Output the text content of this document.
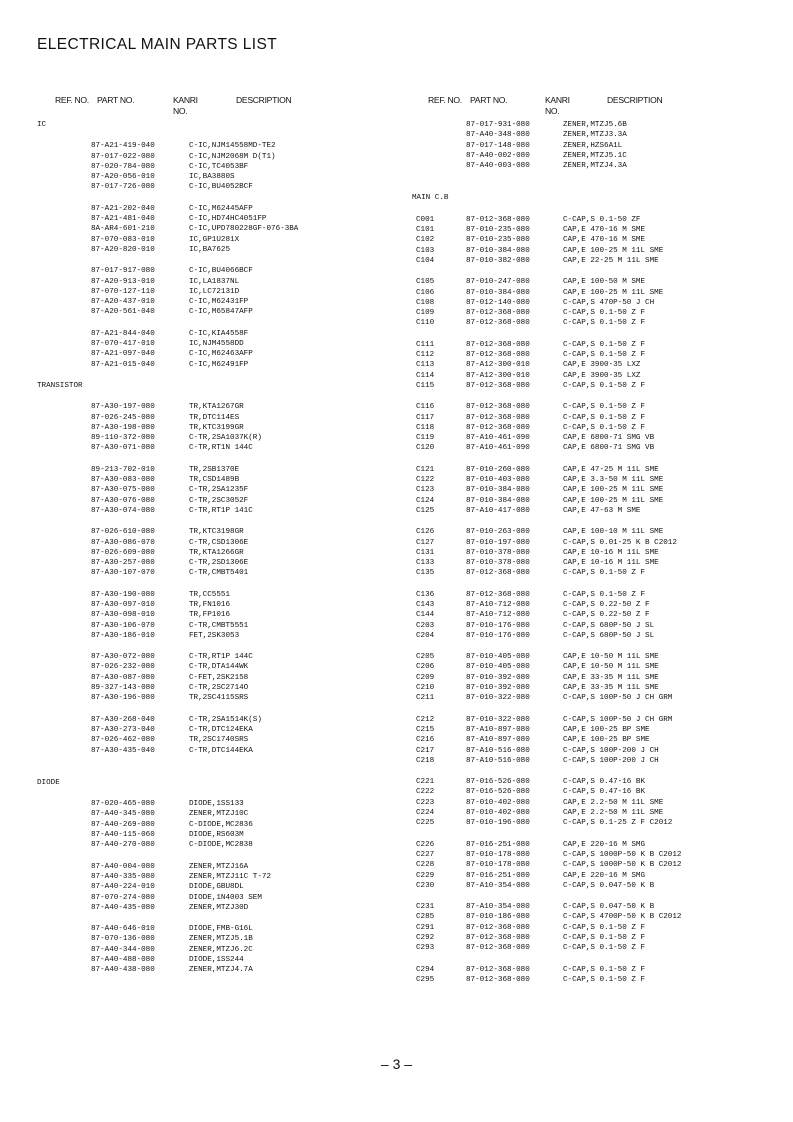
ELECTRICAL MAIN PARTS LIST
REF. NO. PART NO.	KANRI
NO.
DESCRIPTION	REF. NO. PART NO.	KANRI
NO.
DESCRIPTION
IC
87-A21-419-040	C-IC,NJM14558MD-TE2
87-017-022-080	C-IC,NJM2068M D(T1)
87-020-784-080	C-IC,TC4053BF
87-A20-056-010	IC,BA3880S
87-017-726-080	C-IC,BU4052BCF
87-A21-202-040	C-IC,M62445AFP
87-A21-481-040	C-IC,HD74HC4051FP
8A-AR4-601-210	C-IC,UPD780228GF-076-3BA
87-070-083-010	IC,GP1U281X
87-A20-820-010	IC,BA7625
87-017-917-080	C-IC,BU4066BCF
87-A20-913-010	IC,LA1837NL
87-070-127-110	IC,LC72131D
87-A20-437-010	C-IC,M62431FP
87-A20-561-040	C-IC,M65847AFP
87-A21-844-040	C-IC,KIA4558F
87-070-417-010	IC,NJM4558DD
87-A21-097-040	C-IC,M62463AFP
87-A21-015-040	C-IC,M62491FP
TRANSISTOR
87-A30-197-080	TR,KTA1267GR
87-026-245-080	TR,DTC114ES
87-A30-198-080	TR,KTC3199GR
89-110-372-080	C-TR,2SA1037K(R)
87-A30-071-080	C-TR,RT1N 144C
89-213-702-010	TR,2SB1370E
87-A30-083-080	TR,CSD1489B
87-A30-075-080	C-TR,2SA1235F
87-A30-076-080	C-TR,2SC3052F
87-A30-074-080	C-TR,RT1P 141C
87-026-610-080	TR,KTC3198GR
87-A30-086-070	C-TR,CSD1306E
87-026-609-080	TR,KTA1266GR
87-A30-257-080	C-TR,2SD1306E
87-A30-107-070	C-TR,CMBT5401
87-A30-190-080	TR,CC5551
87-A30-097-010	TR,FN1016
87-A30-098-010	TR,FP1016
87-A30-106-070	C-TR,CMBT5551
87-A30-186-010	FET,2SK3053
87-A30-072-080	C-TR,RT1P 144C
87-026-232-080	C-TR,DTA144WK
87-A30-087-080	C-FET,2SK2158
89-327-143-080	C-TR,2SC2714O
87-A30-196-080	TR,2SC4115SRS
87-A30-268-040	C-TR,2SA1514K(S)
87-A30-273-040	C-TR,DTC124EKA
87-026-462-080	TR,2SC1740SRS
87-A30-435-040	C-TR,DTC144EKA
DIODE
87-020-465-080	DIODE,1SS133
87-A40-345-080	ZENER,MTZJ10C
87-A40-269-080	C-DIODE,MC2836
87-A40-115-060	DIODE,RS603M
87-A40-270-080	C-DIODE,MC2838
87-A40-004-080	ZENER,MTZJ16A
87-A40-335-080	ZENER,MTZJ11C T-72
87-A40-224-010	DIODE,GBU8DL
87-070-274-080	DIODE,1N4003 SEM
87-A40-435-080	ZENER,MTZJ30D
87-A40-646-010	DIODE,FMB-G16L
87-070-136-080	ZENER,MTZJ5.1B
87-A40-344-080	ZENER,MTZJ6.2C
87-A40-488-080	DIODE,1SS244
87-A40-438-080	ZENER,MTZJ4.7A
87-017-931-080	ZENER,MTZJ5.6B
87-A40-348-080	ZENER,MTZJ3.3A
87-017-148-080	ZENER,HZS6A1L
87-A40-002-080	ZENER,MTZJ5.1C
87-A40-003-080	ZENER,MTZJ4.3A
MAIN C.B
C001	87-012-368-080	C-CAP,S 0.1-50 ZF
C101	87-010-235-080	CAP,E 470-16 M SME
C102	87-010-235-080	CAP,E 470-16 M SME
C103	87-010-384-080	CAP,E 100-25 M 11L SME
C104	87-010-382-080	CAP,E 22-25 M 11L SME
C105	87-010-247-080	CAP,E 100-50 M SME
C106	87-010-384-080	CAP,E 100-25 M 11L SME
C108	87-012-140-080	C-CAP,S 470P-50 J CH
C109	87-012-368-080	C-CAP,S 0.1-50 Z F
C110	87-012-368-080	C-CAP,S 0.1-50 Z F
C111	87-012-368-080	C-CAP,S 0.1-50 Z F
C112	87-012-368-080	C-CAP,S 0.1-50 Z F
C113	87-A12-300-010	CAP,E 3900-35 LXZ
C114	87-A12-300-010	CAP,E 3900-35 LXZ
C115	87-012-368-080	C-CAP,S 0.1-50 Z F
C116	87-012-368-080	C-CAP,S 0.1-50 Z F
C117	87-012-368-080	C-CAP,S 0.1-50 Z F
C118	87-012-368-080	C-CAP,S 0.1-50 Z F
C119	87-A10-461-090	CAP,E 6800-71 SMG VB
C120	87-A10-461-090	CAP,E 6800-71 SMG VB
C121	87-010-260-080	CAP,E 47-25 M 11L SME
C122	87-010-403-080	CAP,E 3.3-50 M 11L SME
C123	87-010-384-080	CAP,E 100-25 M 11L SME
C124	87-010-384-080	CAP,E 100-25 M 11L SME
C125	87-A10-417-080	CAP,E 47-63 M SME
C126	87-010-263-080	CAP,E 100-10 M 11L SME
C127	87-010-197-080	C-CAP,S 0.01-25 K B C2012
C131	87-010-378-080	CAP,E 10-16 M 11L SME
C133	87-010-378-080	CAP,E 10-16 M 11L SME
C135	87-012-368-080	C-CAP,S 0.1-50 Z F
C136	87-012-368-080	C-CAP,S 0.1-50 Z F
C143	87-A10-712-080	C-CAP,S 0.22-50 Z F
C144	87-A10-712-080	C-CAP,S 0.22-50 Z F
C203	87-010-176-080	C-CAP,S 680P-50 J SL
C204	87-010-176-080	C-CAP,S 680P-50 J SL
C205	87-010-405-080	CAP,E 10-50 M 11L SME
C206	87-010-405-080	CAP,E 10-50 M 11L SME
C209	87-010-392-080	CAP,E 33-35 M 11L SME
C210	87-010-392-080	CAP,E 33-35 M 11L SME
C211	87-010-322-080	C-CAP,S 100P-50 J CH GRM
C212	87-010-322-080	C-CAP,S 100P-50 J CH GRM
C215	87-A10-897-080	CAP,E 100-25 BP SME
C216	87-A10-897-080	CAP,E 100-25 BP SME
C217	87-A10-516-080	C-CAP,S 100P-200 J CH
C218	87-A10-516-080	C-CAP,S 100P-200 J CH
C221	87-016-526-080	C-CAP,S 0.47-16 BK
C222	87-016-526-080	C-CAP,S 0.47-16 BK
C223	87-010-402-080	CAP,E 2.2-50 M 11L SME
C224	87-010-402-080	CAP,E 2.2-50 M 11L SME
C225	87-010-196-080	C-CAP,S 0.1-25 Z F C2012
C226	87-016-251-080	CAP,E 220-16 M SMG
C227	87-010-178-080	C-CAP,S 1000P-50 K B C2012
C228	87-010-178-080	C-CAP,S 1000P-50 K B C2012
C229	87-016-251-080	CAP,E 220-16 M SMG
C230	87-A10-354-080	C-CAP,S 0.047-50 K B
C231	87-A10-354-080	C-CAP,S 0.047-50 K B
C285	87-010-186-080	C-CAP,S 4700P-50 K B C2012
C291	87-012-368-080	C-CAP,S 0.1-50 Z F
C292	87-012-368-080	C-CAP,S 0.1-50 Z F
C293	87-012-368-080	C-CAP,S 0.1-50 Z F
C294	87-012-368-080	C-CAP,S 0.1-50 Z F
C295	87-012-368-080	C-CAP,S 0.1-50 Z F

– 3 –
